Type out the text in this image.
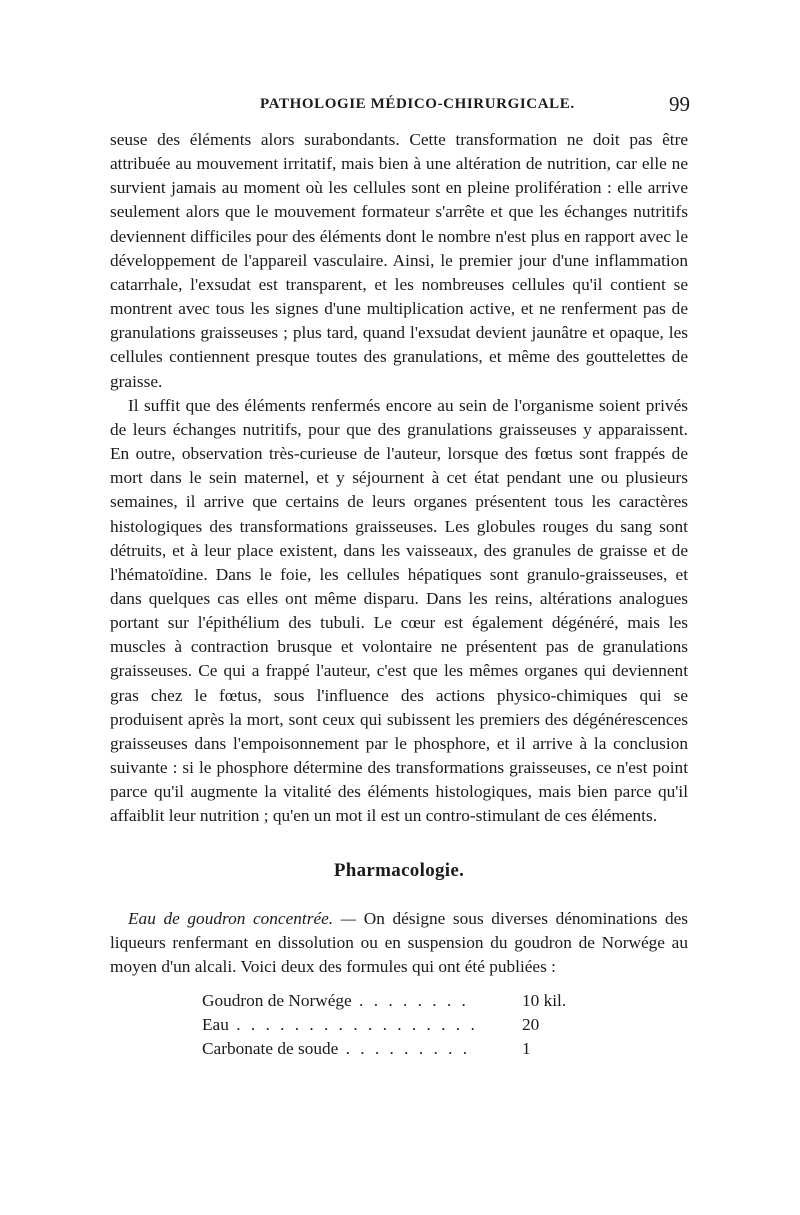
PATHOLOGIE MÉDICO-CHIRURGICALE.	99

seuse des éléments alors surabondants. Cette transformation ne doit pas être attribuée au mouvement irritatif, mais bien à une altération de nutrition, car elle ne survient jamais au moment où les cellules sont en pleine prolifération : elle arrive seulement alors que le mouvement formateur s'arrête et que les échanges nutritifs deviennent difficiles pour des éléments dont le nombre n'est plus en rapport avec le développement de l'appareil vasculaire. Ainsi, le premier jour d'une inflammation catarrhale, l'exsudat est transparent, et les nombreuses cellules qu'il contient se montrent avec tous les signes d'une multiplication active, et ne renferment pas de granulations graisseuses ; plus tard, quand l'exsudat devient jaunâtre et opaque, les cellules contiennent presque toutes des granulations, et même des gouttelettes de graisse.

Il suffit que des éléments renfermés encore au sein de l'organisme soient privés de leurs échanges nutritifs, pour que des granulations graisseuses y apparaissent. En outre, observation très-curieuse de l'auteur, lorsque des fœtus sont frappés de mort dans le sein maternel, et y séjournent à cet état pendant une ou plusieurs semaines, il arrive que certains de leurs organes présentent tous les caractères histologiques des transformations graisseuses. Les globules rouges du sang sont détruits, et à leur place existent, dans les vaisseaux, des granules de graisse et de l'hématoïdine. Dans le foie, les cellules hépatiques sont granulo-graisseuses, et dans quelques cas elles ont même disparu. Dans les reins, altérations analogues portant sur l'épithélium des tubuli. Le cœur est également dégénéré, mais les muscles à contraction brusque et volontaire ne présentent pas de granulations graisseuses. Ce qui a frappé l'auteur, c'est que les mêmes organes qui deviennent gras chez le fœtus, sous l'influence des actions physico-chimiques qui se produisent après la mort, sont ceux qui subissent les premiers des dégénérescences graisseuses dans l'empoisonnement par le phosphore, et il arrive à la conclusion suivante : si le phosphore détermine des transformations graisseuses, ce n'est point parce qu'il augmente la vitalité des éléments histologiques, mais bien parce qu'il affaiblit leur nutrition ; qu'en un mot il est un contro-stimulant de ces éléments.

Pharmacologie.

Eau de goudron concentrée. — On désigne sous diverses dénominations des liqueurs renfermant en dissolution ou en suspension du goudron de Norwége au moyen d'un alcali. Voici deux des formules qui ont été publiées :

Goudron de Norwége . . . . . . . .	10 kil.
Eau . . . . . . . . . . . . . . . . .	20
Carbonate de soude . . . . . . . . .	1
